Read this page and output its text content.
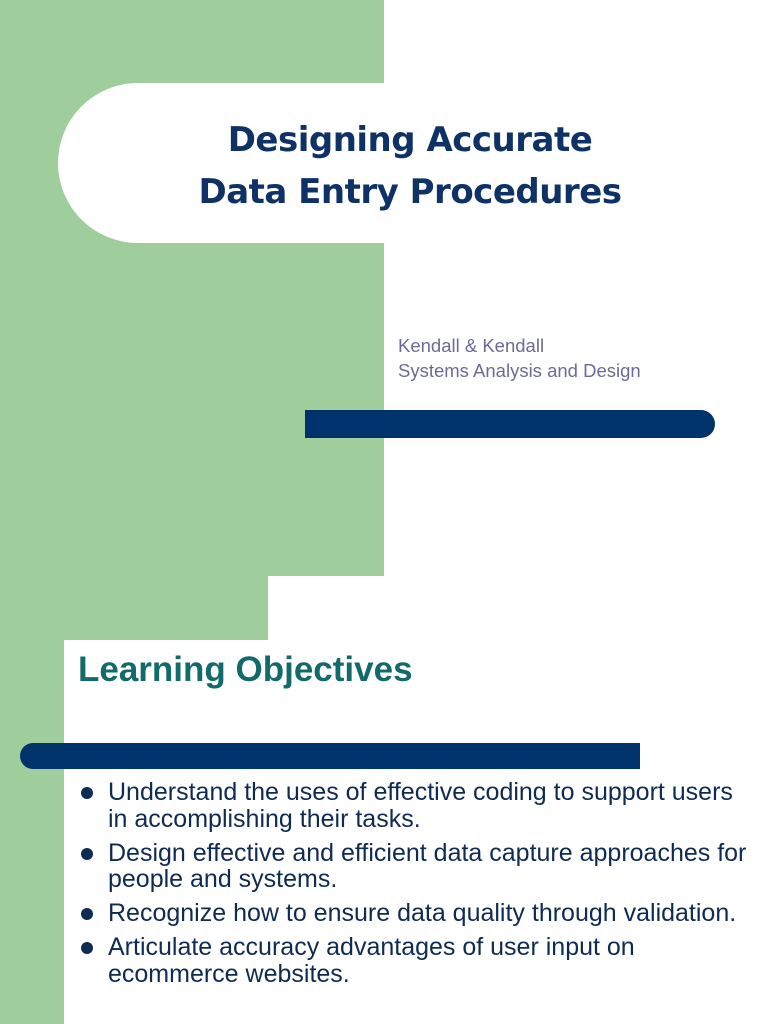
Designing Accurate
Data Entry Procedures
Kendall & Kendall
Systems Analysis and Design
Learning Objectives
Understand the uses of effective coding to support users in accomplishing their tasks.
Design effective and efficient data capture approaches for people and systems.
Recognize how to ensure data quality through validation.
Articulate accuracy advantages of user input on ecommerce websites.
